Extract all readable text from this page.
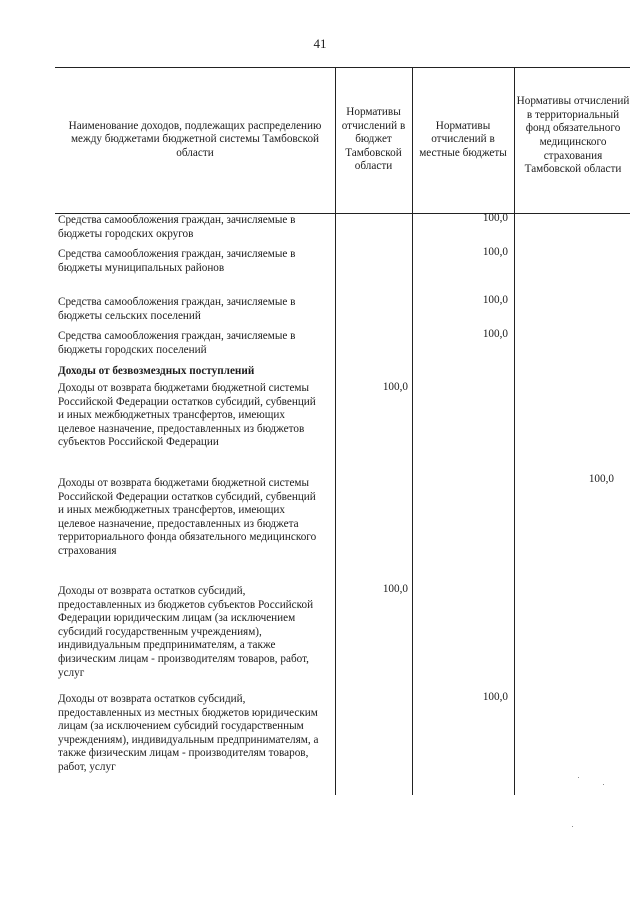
41
Наименование доходов, подлежащих распределению между бюджетами бюджетной системы Тамбовской области
Нормативы отчислений в бюджет Тамбовской области
Нормативы отчислений в местные бюджеты
Нормативы отчислений в территориальный фонд обязательного медицинского страхования Тамбовской области
Средства самообложения граждан, зачисляемые в бюджеты городских округов
100,0
Средства самообложения граждан, зачисляемые в бюджеты муниципальных районов
100,0
Средства самообложения граждан, зачисляемые в бюджеты сельских поселений
100,0
Средства самообложения граждан, зачисляемые в бюджеты городских поселений
100,0
Доходы от безвозмездных поступлений
Доходы от возврата бюджетами бюджетной системы Российской Федерации остатков субсидий, субвенций и иных межбюджетных трансфертов, имеющих целевое назначение, предоставленных из бюджетов субъектов Российской Федерации
100,0
Доходы от возврата бюджетами бюджетной системы Российской Федерации остатков субсидий, субвенций и иных межбюджетных трансфертов, имеющих целевое назначение, предоставленных из бюджета территориального фонда обязательного медицинского страхования
100,0
Доходы от возврата остатков субсидий, предоставленных из бюджетов субъектов Российской Федерации юридическим лицам (за исключением субсидий государственным учреждениям), индивидуальным предпринимателям, а также физическим лицам - производителям товаров, работ, услуг
100,0
Доходы от возврата остатков субсидий, предоставленных из местных бюджетов юридическим лицам (за исключением субсидий государственным учреждениям), индивидуальным предпринимателям, а также физическим лицам - производителям товаров, работ, услуг
100,0
